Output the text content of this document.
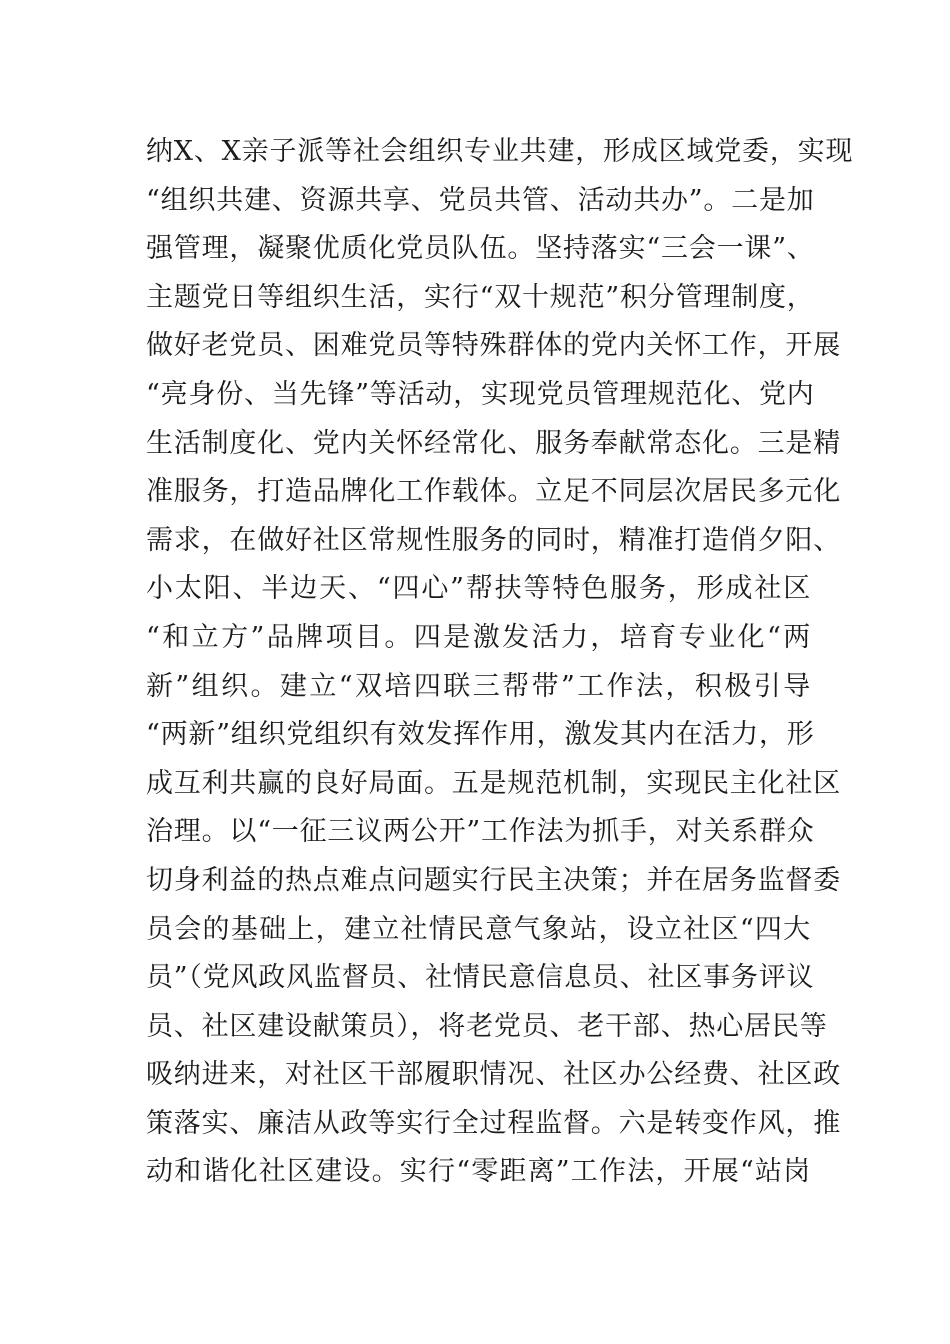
纳X、X亲子派等社会组织专业共建，形成区域党委，实现
“组织共建、资源共享、党员共管、活动共办”。二是加
强管理，凝聚优质化党员队伍。坚持落实“三会一课”、
主题党日等组织生活，实行“双十规范”积分管理制度，
做好老党员、困难党员等特殊群体的党内关怀工作，开展
“亮身份、当先锋”等活动，实现党员管理规范化、党内
生活制度化、党内关怀经常化、服务奉献常态化。三是精
准服务，打造品牌化工作载体。立足不同层次居民多元化
需求，在做好社区常规性服务的同时，精准打造俏夕阳、
小太阳、半边天、“四心”帮扶等特色服务，形成社区
“和立方”品牌项目。四是激发活力，培育专业化“两
新”组织。建立“双培四联三帮带”工作法，积极引导
“两新”组织党组织有效发挥作用，激发其内在活力，形
成互利共赢的良好局面。五是规范机制，实现民主化社区
治理。以“一征三议两公开”工作法为抓手，对关系群众
切身利益的热点难点问题实行民主决策；并在居务监督委
员会的基础上，建立社情民意气象站，设立社区“四大
员”（党风政风监督员、社情民意信息员、社区事务评议
员、社区建设献策员），将老党员、老干部、热心居民等
吸纳进来，对社区干部履职情况、社区办公经费、社区政
策落实、廉洁从政等实行全过程监督。六是转变作风，推
动和谐化社区建设。实行“零距离”工作法，开展“站岗
